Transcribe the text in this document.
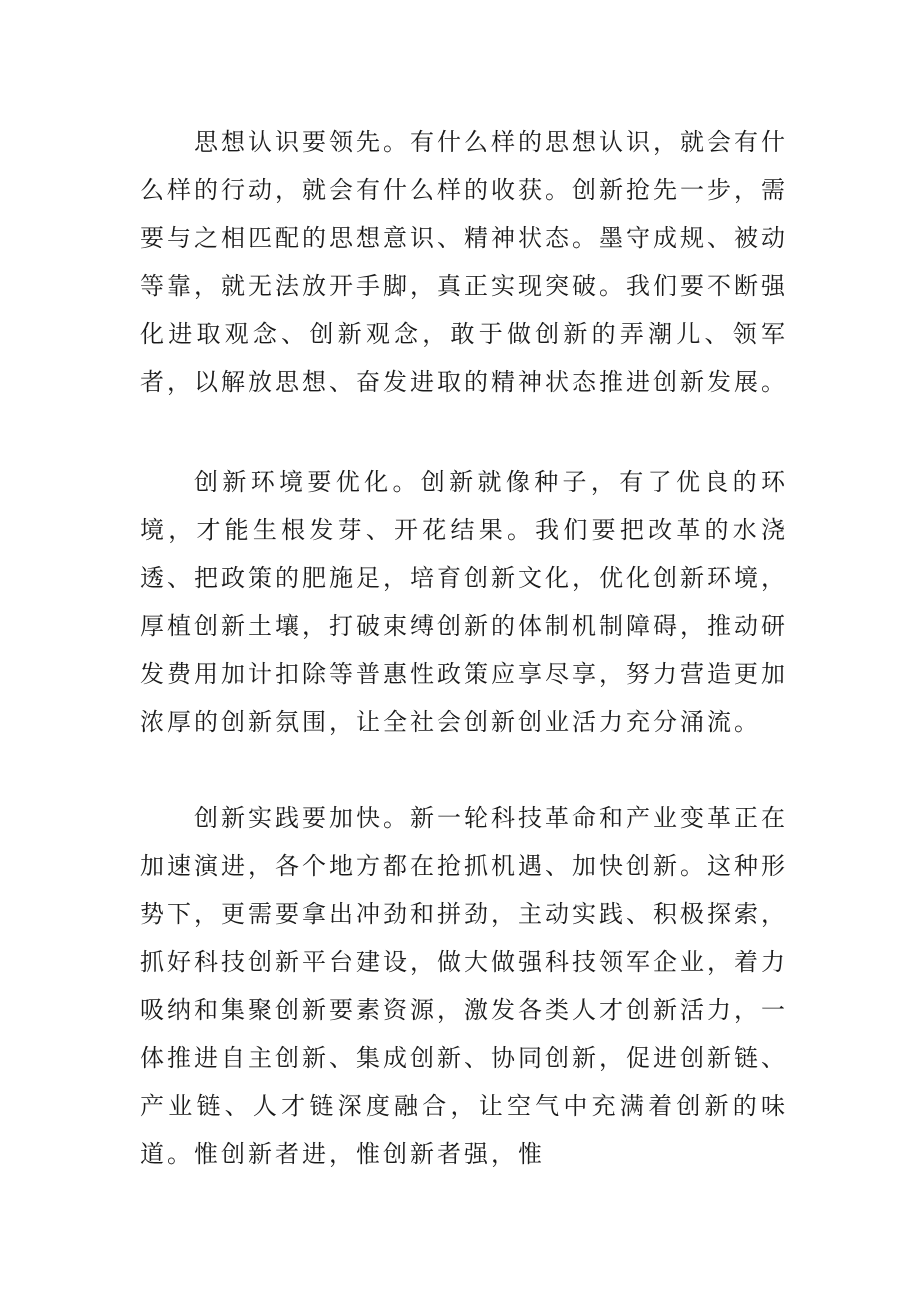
思想认识要领先。有什么样的思想认识，就会有什么样的行动，就会有什么样的收获。创新抢先一步，需要与之相匹配的思想意识、精神状态。墨守成规、被动等靠，就无法放开手脚，真正实现突破。我们要不断强化进取观念、创新观念，敢于做创新的弄潮儿、领军者，以解放思想、奋发进取的精神状态推进创新发展。

创新环境要优化。创新就像种子，有了优良的环境，才能生根发芽、开花结果。我们要把改革的水浇透、把政策的肥施足，培育创新文化，优化创新环境，厚植创新土壤，打破束缚创新的体制机制障碍，推动研发费用加计扣除等普惠性政策应享尽享，努力营造更加浓厚的创新氛围，让全社会创新创业活力充分涌流。

创新实践要加快。新一轮科技革命和产业变革正在加速演进，各个地方都在抢抓机遇、加快创新。这种形势下，更需要拿出冲劲和拼劲，主动实践、积极探索，抓好科技创新平台建设，做大做强科技领军企业，着力吸纳和集聚创新要素资源，激发各类人才创新活力，一体推进自主创新、集成创新、协同创新，促进创新链、产业链、人才链深度融合，让空气中充满着创新的味道。惟创新者进，惟创新者强，惟
